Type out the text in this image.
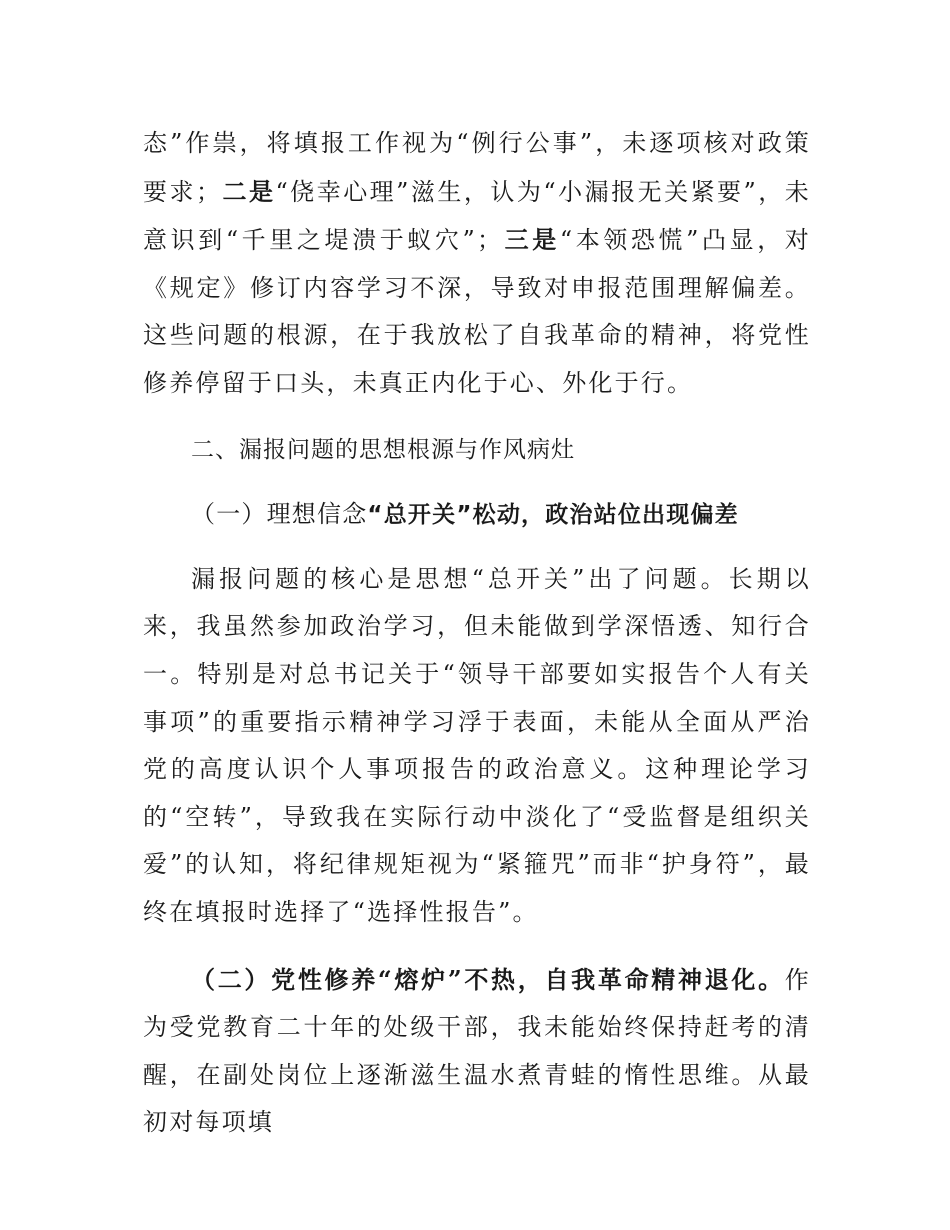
态”作祟，将填报工作视为“例行公事”，未逐项核对政策要求；二是“侥幸心理”滋生，认为“小漏报无关紧要”，未意识到“千里之堤溃于蚁穴”；三是“本领恐慌”凸显，对《规定》修订内容学习不深，导致对申报范围理解偏差。这些问题的根源，在于我放松了自我革命的精神，将党性修养停留于口头，未真正内化于心、外化于行。

二、漏报问题的思想根源与作风病灶

（一）理想信念“总开关”松动，政治站位出现偏差

漏报问题的核心是思想“总开关”出了问题。长期以来，我虽然参加政治学习，但未能做到学深悟透、知行合一。特别是对总书记关于“领导干部要如实报告个人有关事项”的重要指示精神学习浮于表面，未能从全面从严治党的高度认识个人事项报告的政治意义。这种理论学习的“空转”，导致我在实际行动中淡化了“受监督是组织关爱”的认知，将纪律规矩视为“紧箍咒”而非“护身符”，最终在填报时选择了“选择性报告”。

（二）党性修养“熔炉”不热，自我革命精神退化。作为受党教育二十年的处级干部，我未能始终保持赶考的清醒，在副处岗位上逐渐滋生温水煮青蛙的惰性思维。从最初对每项填
